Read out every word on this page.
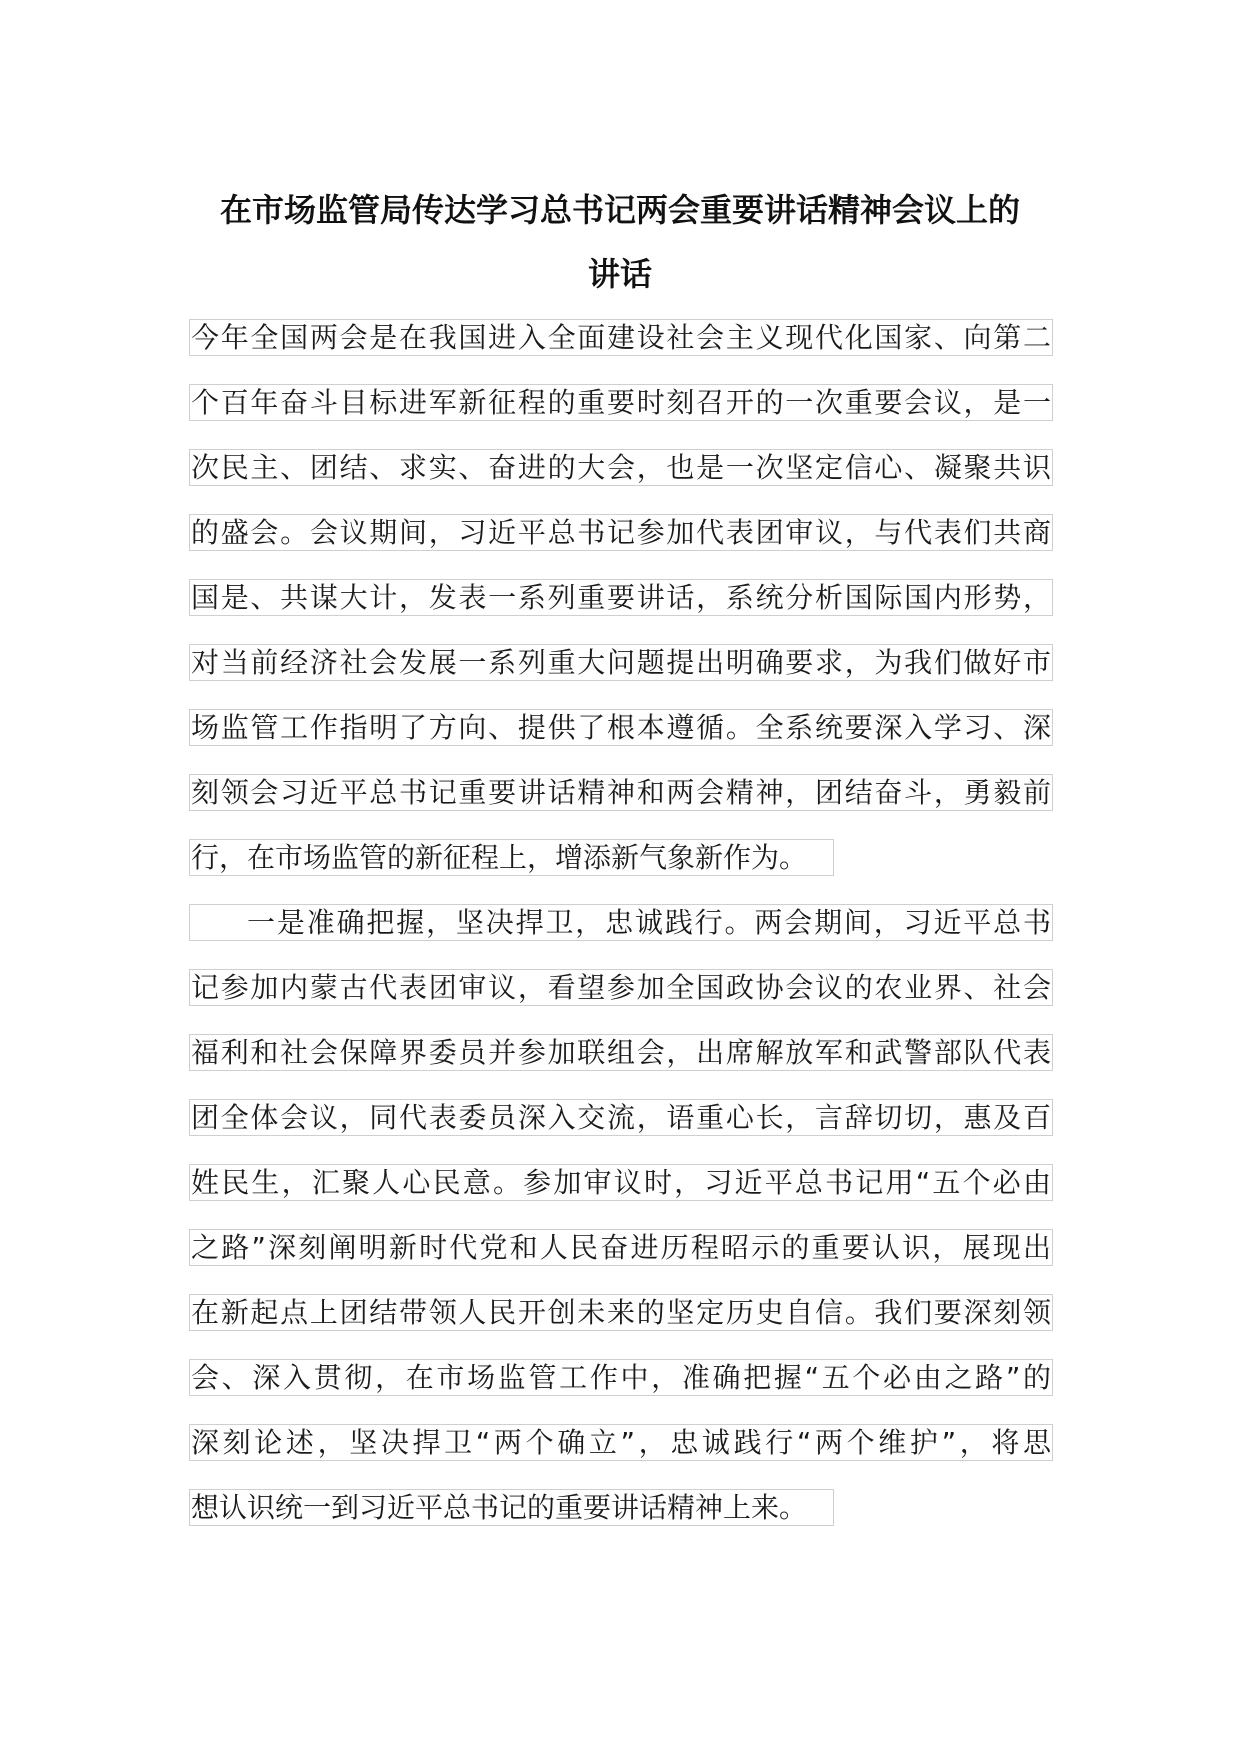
在市场监管局传达学习总书记两会重要讲话精神会议上的
讲话
今年全国两会是在我国进入全面建设社会主义现代化国家、向第二
个百年奋斗目标进军新征程的重要时刻召开的一次重要会议，是一
次民主、团结、求实、奋进的大会，也是一次坚定信心、凝聚共识
的盛会。会议期间，习近平总书记参加代表团审议，与代表们共商
国是、共谋大计，发表一系列重要讲话，系统分析国际国内形势，
对当前经济社会发展一系列重大问题提出明确要求，为我们做好市
场监管工作指明了方向、提供了根本遵循。全系统要深入学习、深
刻领会习近平总书记重要讲话精神和两会精神，团结奋斗，勇毅前
行，在市场监管的新征程上，增添新气象新作为。
一是准确把握，坚决捍卫，忠诚践行。两会期间，习近平总书
记参加内蒙古代表团审议，看望参加全国政协会议的农业界、社会
福利和社会保障界委员并参加联组会，出席解放军和武警部队代表
团全体会议，同代表委员深入交流，语重心长，言辞切切，惠及百
姓民生，汇聚人心民意。参加审议时，习近平总书记用“五个必由
之路”深刻阐明新时代党和人民奋进历程昭示的重要认识，展现出
在新起点上团结带领人民开创未来的坚定历史自信。我们要深刻领
会、深入贯彻，在市场监管工作中，准确把握“五个必由之路”的
深刻论述，坚决捍卫“两个确立”，忠诚践行“两个维护”，将思
想认识统一到习近平总书记的重要讲话精神上来。
